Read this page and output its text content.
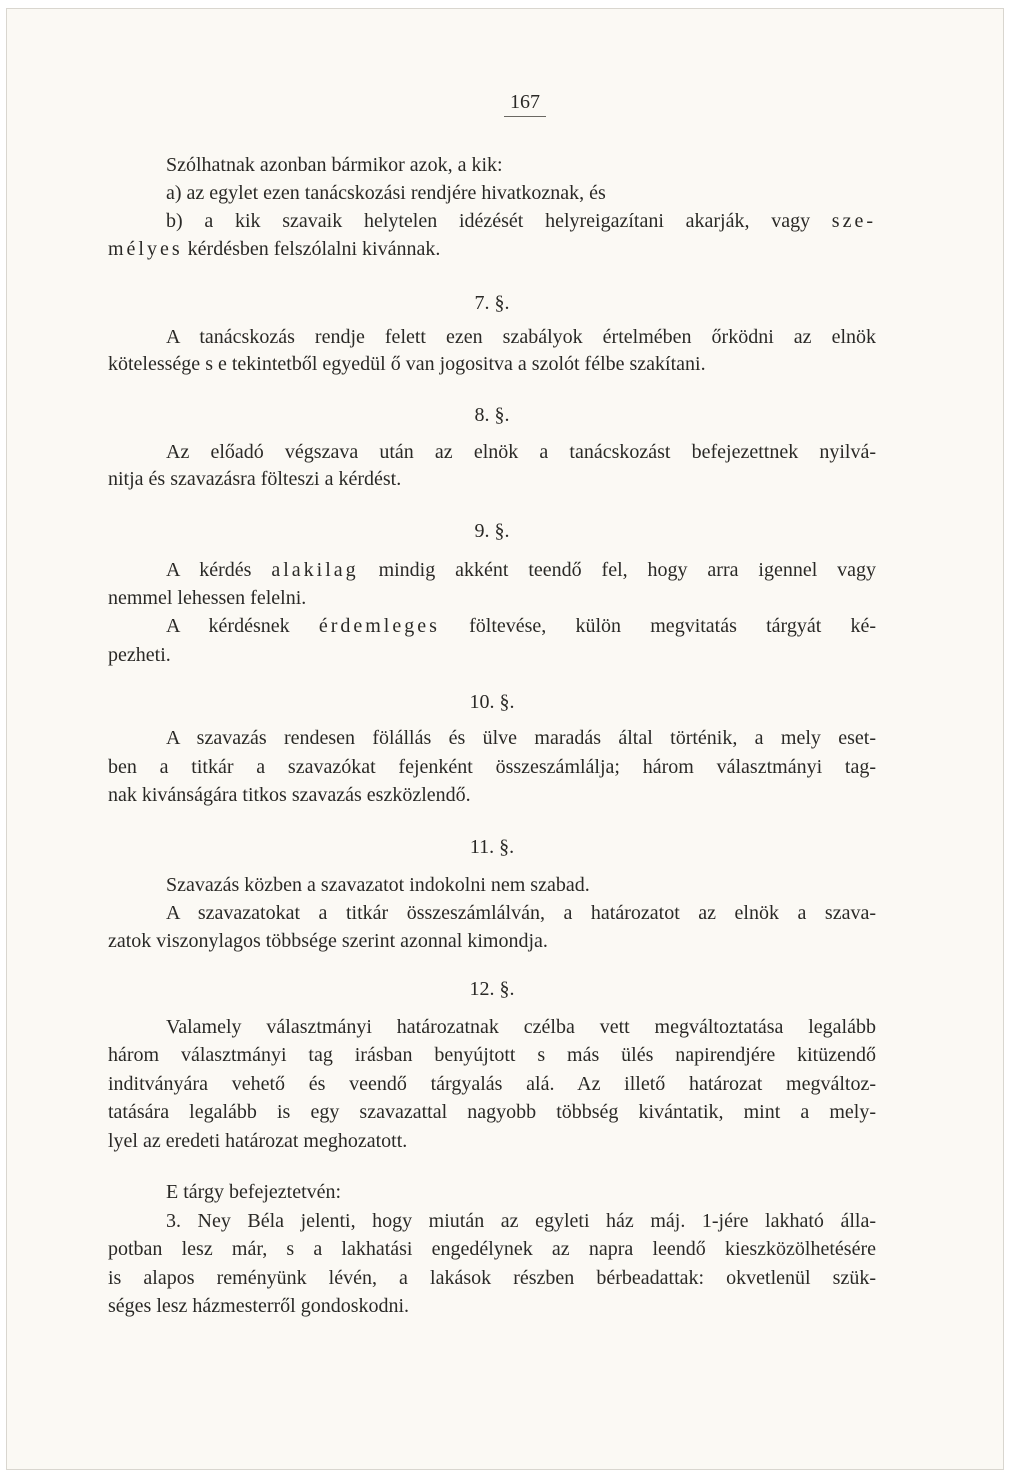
167
Szólhatnak azonban bármikor azok, a kik:
a) az egylet ezen tanácskozási rendjére hivatkoznak, és
b) a kik szavaik helytelen idézését helyreigazítani akarják, vagy sze-
mélyes kérdésben felszólalni kivánnak.
7. §.
A tanácskozás rendje felett ezen szabályok értelmében őrködni az elnök
kötelessége s e tekintetből egyedül ő van jogositva a szolót félbe szakítani.
8. §.
Az előadó végszava után az elnök a tanácskozást befejezettnek nyilvá-
nitja és szavazásra fölteszi a kérdést.
9. §.
A kérdés alakilag mindig akként teendő fel, hogy arra igennel vagy
nemmel lehessen felelni.
A kérdésnek érdemleges föltevése, külön megvitatás tárgyát ké-
pezheti.
10. §.
A szavazás rendesen fölállás és ülve maradás által történik, a mely eset-
ben a titkár a szavazókat fejenként összeszámlálja; három választmányi tag-
nak kivánságára titkos szavazás eszközlendő.
11. §.
Szavazás közben a szavazatot indokolni nem szabad.
A szavazatokat a titkár összeszámlálván, a határozatot az elnök a szava-
zatok viszonylagos többsége szerint azonnal kimondja.
12. §.
Valamely választmányi határozatnak czélba vett megváltoztatása legalább
három választmányi tag irásban benyújtott s más ülés napirendjére kitüzendő
inditványára vehető és veendő tárgyalás alá. Az illető határozat megváltoz-
tatására legalább is egy szavazattal nagyobb többség kivántatik, mint a mely-
lyel az eredeti határozat meghozatott.
E tárgy befejeztetvén:
3. Ney Béla jelenti, hogy miután az egyleti ház máj. 1-jére lakható álla-
potban lesz már, s a lakhatási engedélynek az napra leendő kieszközölhetésére
is alapos reményünk lévén, a lakások részben bérbeadattak: okvetlenül szük-
séges lesz házmesterről gondoskodni.
